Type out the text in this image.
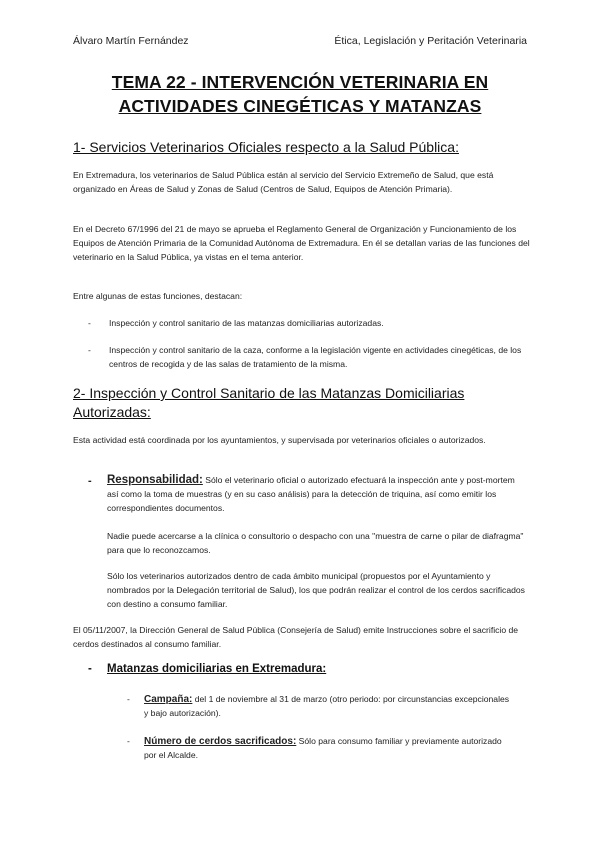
Álvaro Martín Fernández	Ética, Legislación y Peritación Veterinaria
TEMA 22 - INTERVENCIÓN VETERINARIA EN
ACTIVIDADES CINEGÉTICAS Y MATANZAS
1- Servicios Veterinarios Oficiales respecto a la Salud Pública:
En Extremadura, los veterinarios de Salud Pública están al servicio del Servicio Extremeño de Salud, que está organizado en Áreas de Salud y Zonas de Salud (Centros de Salud, Equipos de Atención Primaria).
En el Decreto 67/1996 del 21 de mayo se aprueba el Reglamento General de Organización y Funcionamiento de los Equipos de Atención Primaria de la Comunidad Autónoma de Extremadura. En él se detallan varias de las funciones del veterinario en la Salud Pública, ya vistas en el tema anterior.
Entre algunas de estas funciones, destacan:
- Inspección y control sanitario de las matanzas domiciliarias autorizadas.
- Inspección y control sanitario de la caza, conforme a la legislación vigente en actividades cinegéticas, de los centros de recogida y de las salas de tratamiento de la misma.
2- Inspección y Control Sanitario de las Matanzas Domiciliarias
Autorizadas:
Esta actividad está coordinada por los ayuntamientos, y supervisada por veterinarios oficiales o autorizados.
- Responsabilidad: Sólo el veterinario oficial o autorizado efectuará la inspección ante y post-mortem así como la toma de muestras (y en su caso análisis) para la detección de triquina, así como emitir los correspondientes documentos.
Nadie puede acercarse a la clínica o consultorio o despacho con una "muestra de carne o pilar de diafragma" para que lo reconozcamos.
Sólo los veterinarios autorizados dentro de cada ámbito municipal (propuestos por el Ayuntamiento y nombrados por la Delegación territorial de Salud), los que podrán realizar el control de los cerdos sacrificados con destino a consumo familiar.
El 05/11/2007, la Dirección General de Salud Pública (Consejería de Salud) emite Instrucciones sobre el sacrificio de cerdos destinados al consumo familiar.
- Matanzas domiciliarias en Extremadura:
- Campaña: del 1 de noviembre al 31 de marzo (otro periodo: por circunstancias excepcionales y bajo autorización).
- Número de cerdos sacrificados: Sólo para consumo familiar y previamente autorizado por el Alcalde.
